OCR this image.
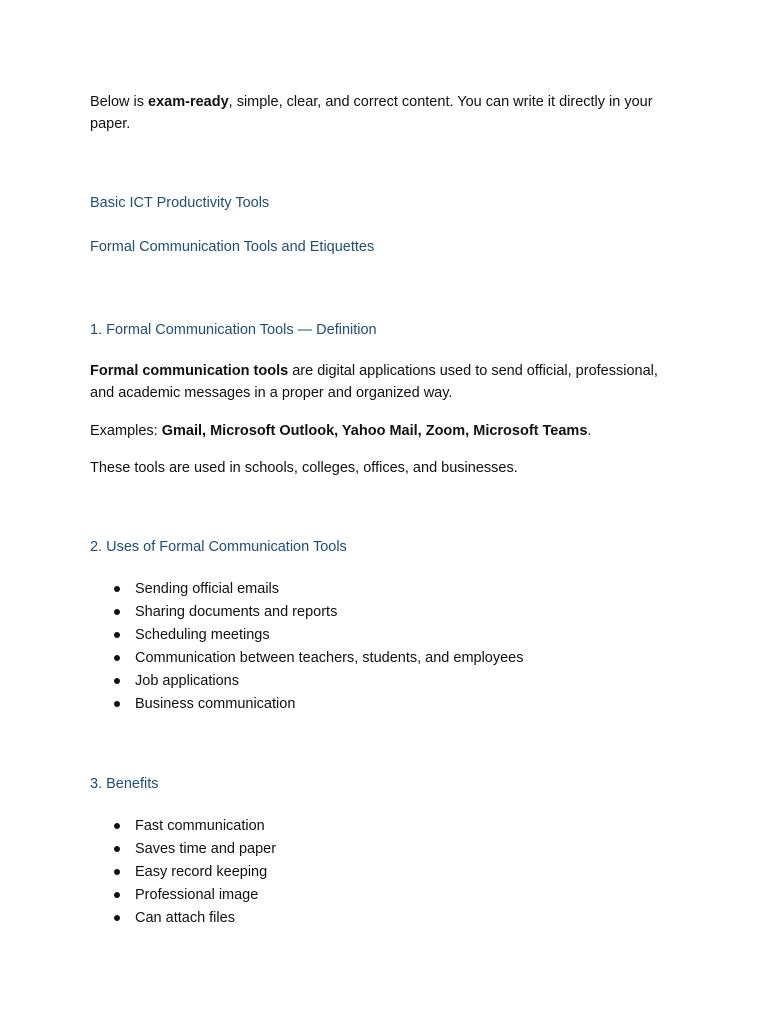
Below is exam-ready, simple, clear, and correct content. You can write it directly in your paper.

Basic ICT Productivity Tools

Formal Communication Tools and Etiquettes

1. Formal Communication Tools — Definition

Formal communication tools are digital applications used to send official, professional, and academic messages in a proper and organized way.

Examples: Gmail, Microsoft Outlook, Yahoo Mail, Zoom, Microsoft Teams.

These tools are used in schools, colleges, offices, and businesses.

2. Uses of Formal Communication Tools

Sending official emails
Sharing documents and reports
Scheduling meetings
Communication between teachers, students, and employees
Job applications
Business communication

3. Benefits

Fast communication
Saves time and paper
Easy record keeping
Professional image
Can attach files
